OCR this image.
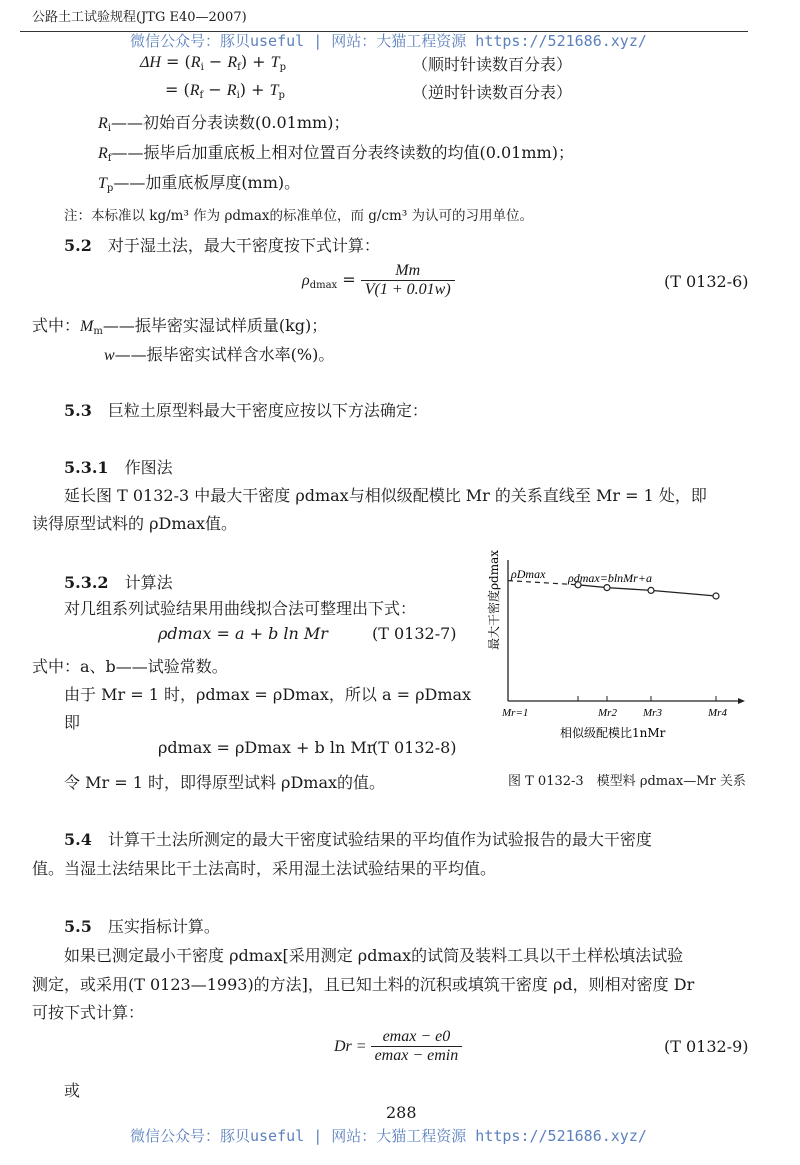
公路土工试验规程(JTG E40—2007)
微信公众号：豚贝useful | 网站：大猫工程资源 https://521686.xyz/
$\Delta H = (R_i - R_f) + T_p$	（顺时针读数百分表）
= $(R_f - R_i) + T_p$	（逆时针读数百分表）
$R_i——$初始百分表读数(0.01mm)；
$R_f——$振毕后加重底板上相对位置百分表终读数的均值(0.01mm)；
$T_p——$加重底板厚度(mm)。
注：本标准以 kg/m³ 作为 ρdmax的标准单位，而 g/cm³ 为认可的习用单位。
5.2　 对于湿土法，最大干密度按下式计算：
$\rho_{dmax} = \frac{Mm}{V(1 + 0.01w)}$	(T 0132-6)
式中：$M_m——$振毕密实湿试样质量(kg)；
w——振毕密实试样含水率(%)。
5.3　 巨粒土原型料最大干密度应按以下方法确定：
5.3.1　 作图法
延长图 T 0132-3 中最大干密度 ρdmax与相似级配模比 Mr 的关系直线至 Mr = 1 处，即
读得原型试料的 ρDmax值。
5.3.2　 计算法
对几组系列试验结果用曲线拟合法可整理出下式：
ρdmax = a + b ln Mr	(T 0132-7)
式中：a、b——试验常数。
由于 Mr = 1 时，ρdmax = ρDmax，所以 a = ρDmax
即
ρdmax = ρDmax + b ln Mr
(T 0132-8)
令 Mr = 1 时，即得原型试料 ρDmax的值。
Mr=1	Mr2 Mr3	Mr4
ρDmax ρdmax=blnMr+a
最大干密度ρdmax
相似级配模比1nMr
图 T 0132-3　模型料 ρdmax—Mr 关系
5.4　 计算干土法所测定的最大干密度试验结果的平均值作为试验报告的最大干密度
值。当湿土法结果比干土法高时，采用湿土法试验结果的平均值。
5.5　 压实指标计算。
如果已测定最小干密度 ρdmax[采用测定 ρdmax的试筒及装料工具以干土样松填法试验
测定，或采用(T 0123—1993)的方法]，且已知土料的沉积或填筑干密度 ρd，则相对密度 Dr
可按下式计算：
$Dr = \frac{emax - e0}{emax - emin}$	(T 0132-9)
或
288
微信公众号：豚贝useful | 网站：大猫工程资源 https://521686.xyz/
